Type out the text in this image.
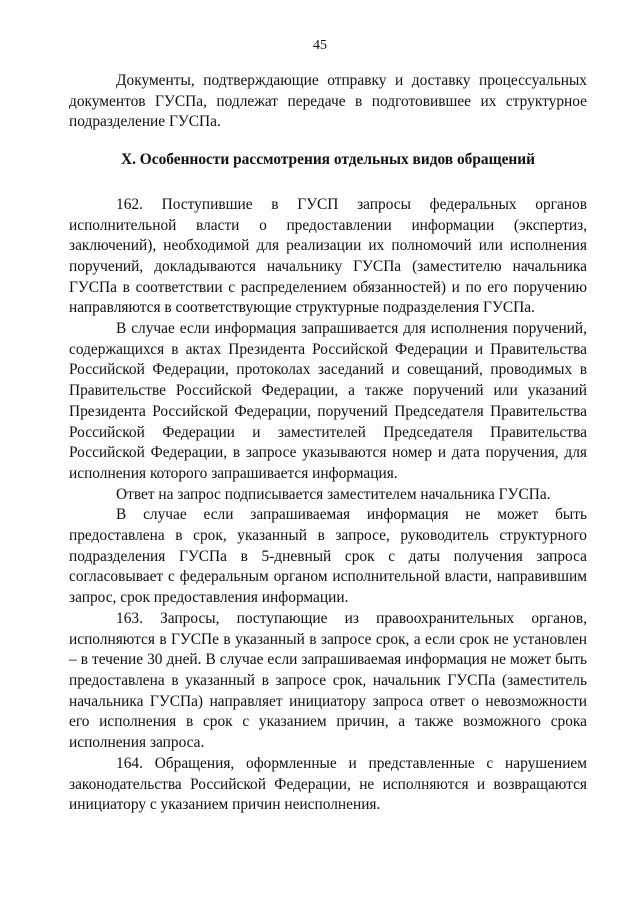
45

Документы, подтверждающие отправку и доставку процессуальных документов ГУСПа, подлежат передаче в подготовившее их структурное подразделение ГУСПа.

X. Особенности рассмотрения отдельных видов обращений

162. Поступившие в ГУСП запросы федеральных органов исполнительной власти о предоставлении информации (экспертиз, заключений), необходимой для реализации их полномочий или исполнения поручений, докладываются начальнику ГУСПа (заместителю начальника ГУСПа в соответствии с распределением обязанностей) и по его поручению направляются в соответствующие структурные подразделения ГУСПа.

В случае если информация запрашивается для исполнения поручений, содержащихся в актах Президента Российской Федерации и Правительства Российской Федерации, протоколах заседаний и совещаний, проводимых в Правительстве Российской Федерации, а также поручений или указаний Президента Российской Федерации, поручений Председателя Правительства Российской Федерации и заместителей Председателя Правительства Российской Федерации, в запросе указываются номер и дата поручения, для исполнения которого запрашивается информация.

Ответ на запрос подписывается заместителем начальника ГУСПа.

В случае если запрашиваемая информация не может быть предоставлена в срок, указанный в запросе, руководитель структурного подразделения ГУСПа в 5-дневный срок с даты получения запроса согласовывает с федеральным органом исполнительной власти, направившим запрос, срок предоставления информации.

163. Запросы, поступающие из правоохранительных органов, исполняются в ГУСПе в указанный в запросе срок, а если срок не установлен – в течение 30 дней. В случае если запрашиваемая информация не может быть предоставлена в указанный в запросе срок, начальник ГУСПа (заместитель начальника ГУСПа) направляет инициатору запроса ответ о невозможности его исполнения в срок с указанием причин, а также возможного срока исполнения запроса.

164. Обращения, оформленные и представленные с нарушением законодательства Российской Федерации, не исполняются и возвращаются инициатору с указанием причин неисполнения.
